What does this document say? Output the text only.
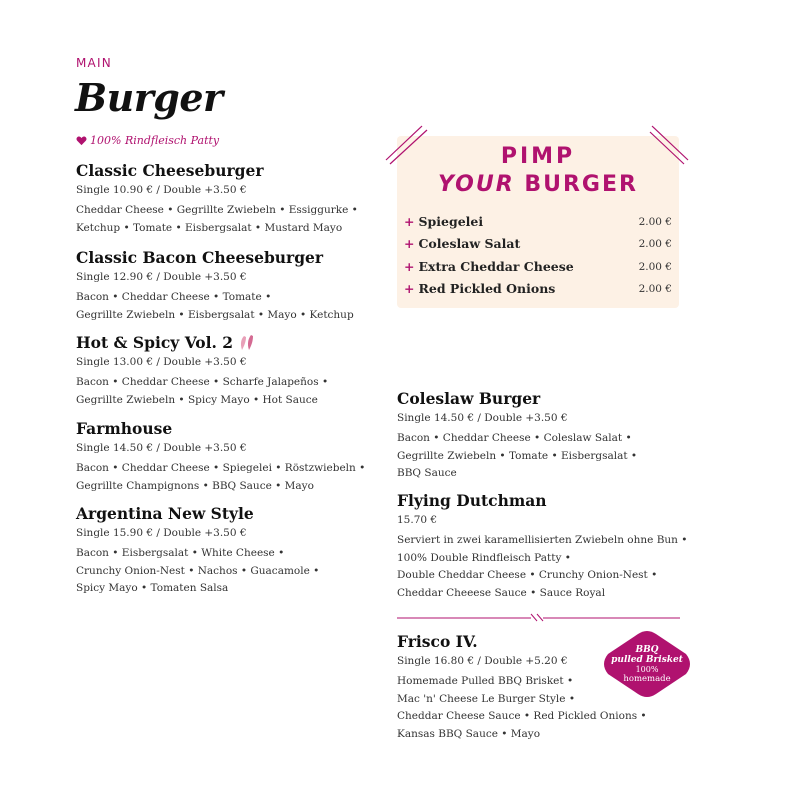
MAIN
Burger
100% Rindfleisch Patty
Classic Cheeseburger
Single 10.90 € / Double +3.50 €
Cheddar Cheese • Gegrillte Zwiebeln • Essiggurke •
Ketchup • Tomate • Eisbergsalat • Mustard Mayo
Classic Bacon Cheeseburger
Single 12.90 € / Double +3.50 €
Bacon • Cheddar Cheese • Tomate •
Gegrillte Zwiebeln • Eisbergsalat • Mayo • Ketchup
Hot & Spicy Vol. 2
Single 13.00 € / Double +3.50 €
Bacon • Cheddar Cheese • Scharfe Jalapeños •
Gegrillte Zwiebeln • Spicy Mayo • Hot Sauce
Farmhouse
Single 14.50 € / Double +3.50 €
Bacon • Cheddar Cheese • Spiegelei • Röstzwiebeln •
Gegrillte Champignons • BBQ Sauce • Mayo
Argentina New Style
Single 15.90 € / Double +3.50 €
Bacon • Eisbergsalat • White Cheese •
Crunchy Onion-Nest • Nachos • Guacamole •
Spicy Mayo • Tomaten Salsa
PIMP
YOUR BURGER
+ Spiegelei	2.00 €
+ Coleslaw Salat	2.00 €
+ Extra Cheddar Cheese	2.00 €
+ Red Pickled Onions	2.00 €
Coleslaw Burger
Single 14.50 € / Double +3.50 €
Bacon • Cheddar Cheese • Coleslaw Salat •
Gegrillte Zwiebeln • Tomate • Eisbergsalat •
BBQ Sauce
Flying Dutchman
15.70 €
Serviert in zwei karamellisierten Zwiebeln ohne Bun •
100% Double Rindfleisch Patty •
Double Cheddar Cheese • Crunchy Onion-Nest •
Cheddar Cheeese Sauce • Sauce Royal
Frisco IV.
Single 16.80 € / Double +5.20 €
Homemade Pulled BBQ Brisket •
Mac 'n' Cheese Le Burger Style •
Cheddar Cheese Sauce • Red Pickled Onions •
Kansas BBQ Sauce • Mayo
BBQ
pulled Brisket
100%
homemade
